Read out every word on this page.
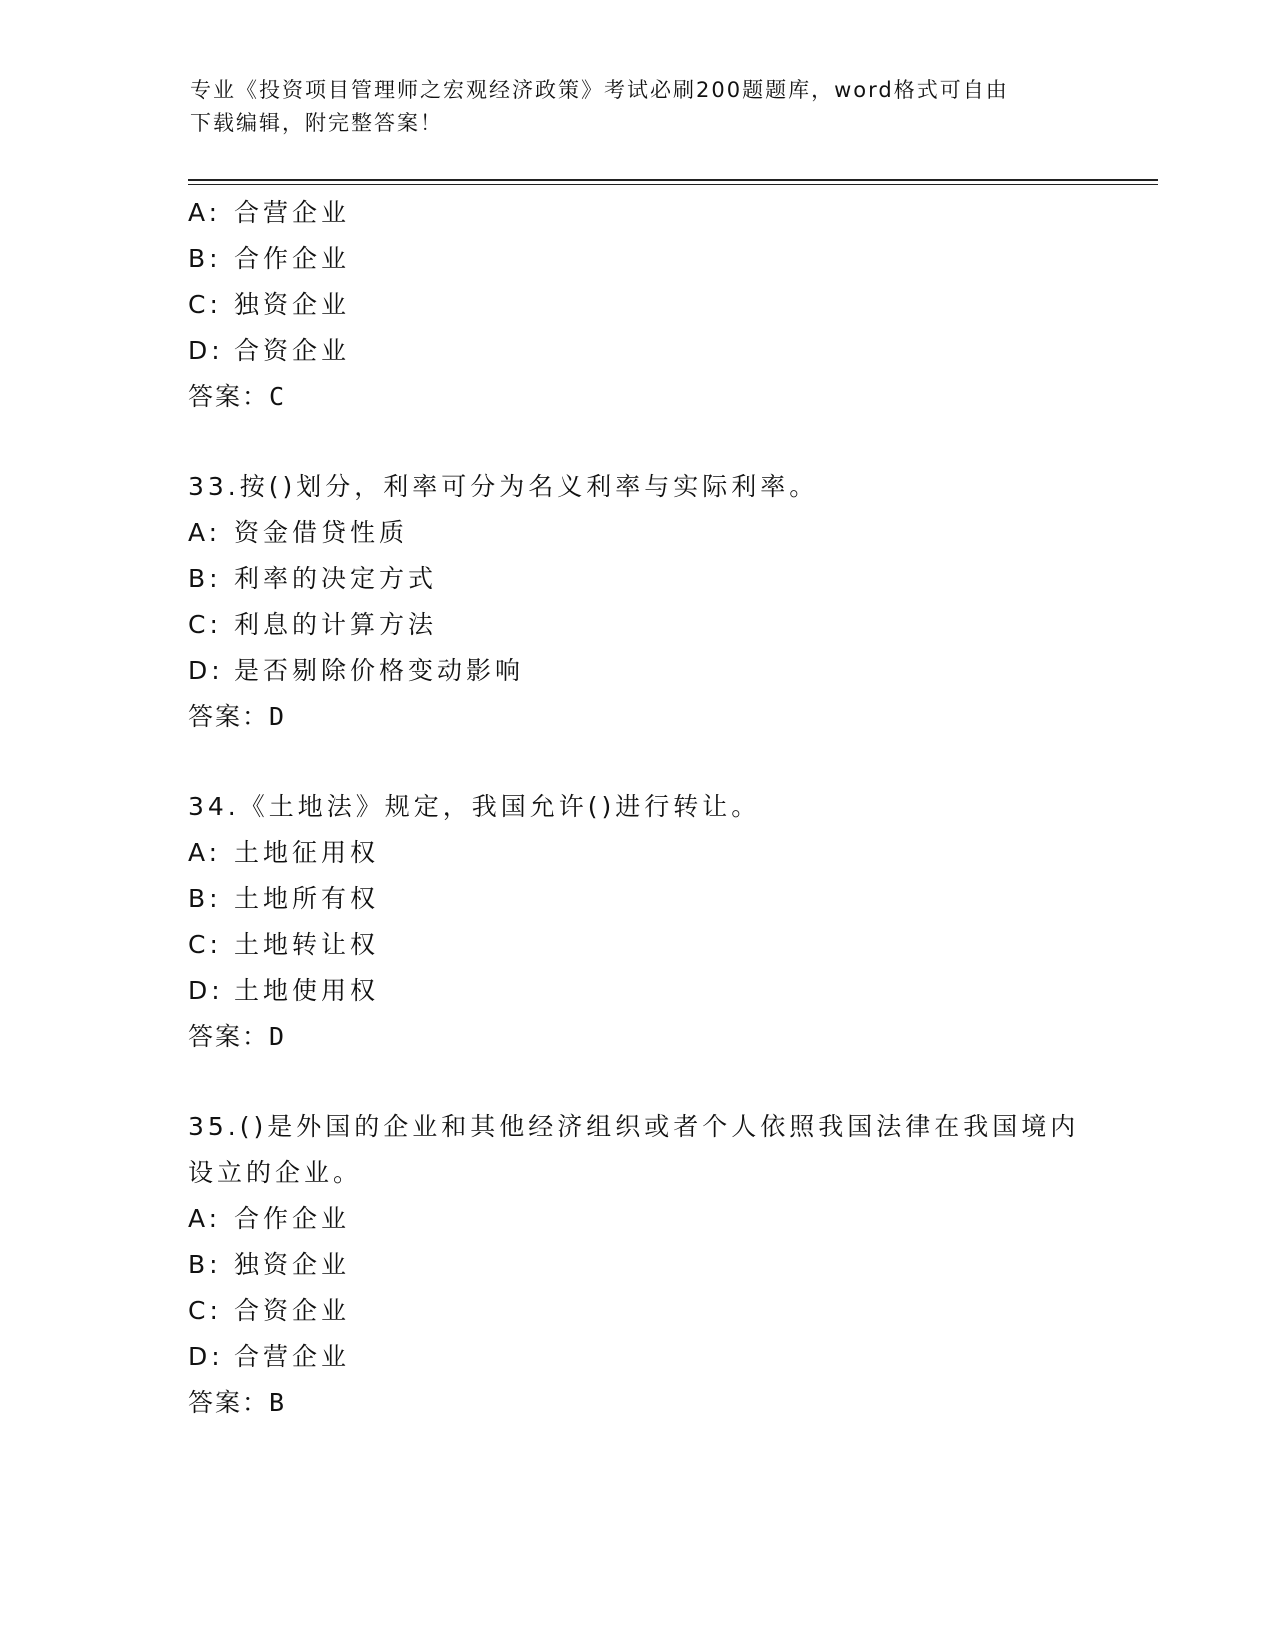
专业《投资项目管理师之宏观经济政策》考试必刷200题题库，word格式可自由
下载编辑，附完整答案！
A: 合营企业
B: 合作企业
C: 独资企业
D: 合资企业
答案：C
33.按()划分，利率可分为名义利率与实际利率。
A: 资金借贷性质
B: 利率的决定方式
C: 利息的计算方法
D: 是否剔除价格变动影响
答案：D
34.《土地法》规定，我国允许()进行转让。
A: 土地征用权
B: 土地所有权
C: 土地转让权
D: 土地使用权
答案：D
35.()是外国的企业和其他经济组织或者个人依照我国法律在我国境内设立的企业。
A: 合作企业
B: 独资企业
C: 合资企业
D: 合营企业
答案：B
